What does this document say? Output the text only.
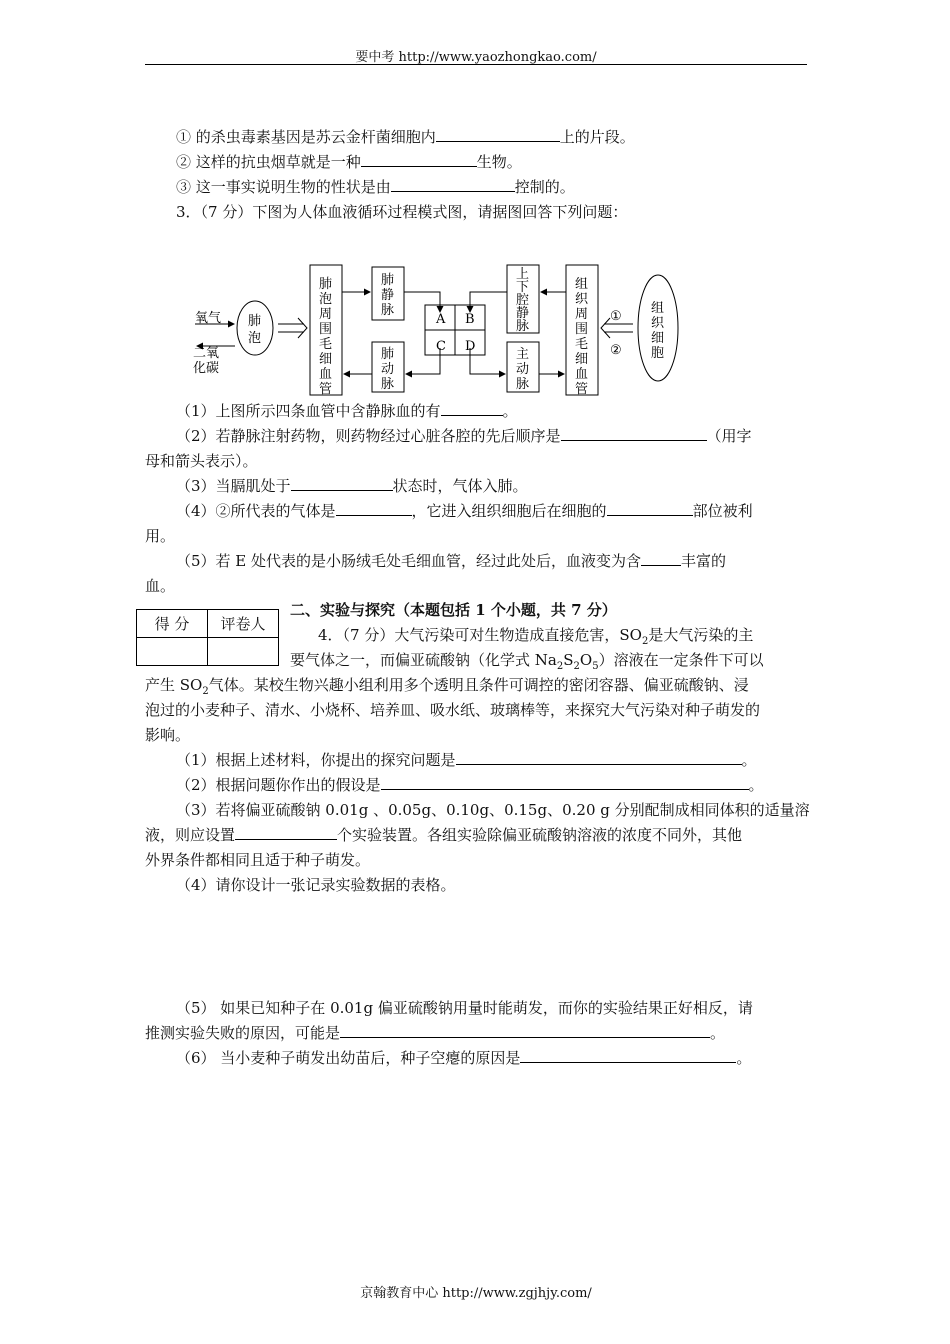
要中考 http://www.yaozhongkao.com/
① 的杀虫毒素基因是苏云金杆菌细胞内	上的片段。
② 这样的抗虫烟草就是一种	生物。
③ 这一事实说明生物的性状是由	控制的。
3．（7 分）下图为人体血液循环过程模式图，请据图回答下列问题：
氧气
二氧
化碳
肺
泡
肺
泡
周
围
毛
细
血
管
肺
静
脉
肺
动
脉
A B
C D
上
下
腔
静
脉
主
动
脉
组
织
周
围
毛
细
血
管
组
织
细
胞
①
②
（1）上图所示四条血管中含静脉血的有	。
（2）若静脉注射药物，则药物经过心脏各腔的先后顺序是	（用字
母和箭头表示）。
（3）当膈肌处于	状态时，气体入肺。
（4）②所代表的气体是	，它进入组织细胞后在细胞的	部位被利
用。
（5）若 E 处代表的是小肠绒毛处毛细血管，经过此处后，血液变为含	丰富的
血。
得 分	评卷人

二、实验与探究（本题包括 1 个小题，共 7 分）
4．（7 分）大气污染可对生物造成直接危害，$SO_2$是大气污染的主
要气体之一，而偏亚硫酸钠（化学式 $Na_2S_2O_5$）溶液在一定条件下可以
产生 $SO_2$气体。某校生物兴趣小组利用多个透明且条件可调控的密闭容器、偏亚硫酸钠、浸
泡过的小麦种子、清水、小烧杯、培养皿、吸水纸、玻璃棒等，来探究大气污染对种子萌发的
影响。
（1）根据上述材料，你提出的探究问题是	。
（2）根据问题你作出的假设是	。
（3）若将偏亚硫酸钠 0.01g 、0.05g、0.10g、0.15g、0.20 g 分别配制成相同体积的适量溶
液，则应设置	个实验装置。各组实验除偏亚硫酸钠溶液的浓度不同外，其他
外界条件都相同且适于种子萌发。
（4）请你设计一张记录实验数据的表格。
（5） 如果已知种子在 0.01g 偏亚硫酸钠用量时能萌发，而你的实验结果正好相反，请
推测实验失败的原因，可能是	。
（6） 当小麦种子萌发出幼苗后，种子空瘪的原因是	。
京翰教育中心 http://www.zgjhjy.com/
